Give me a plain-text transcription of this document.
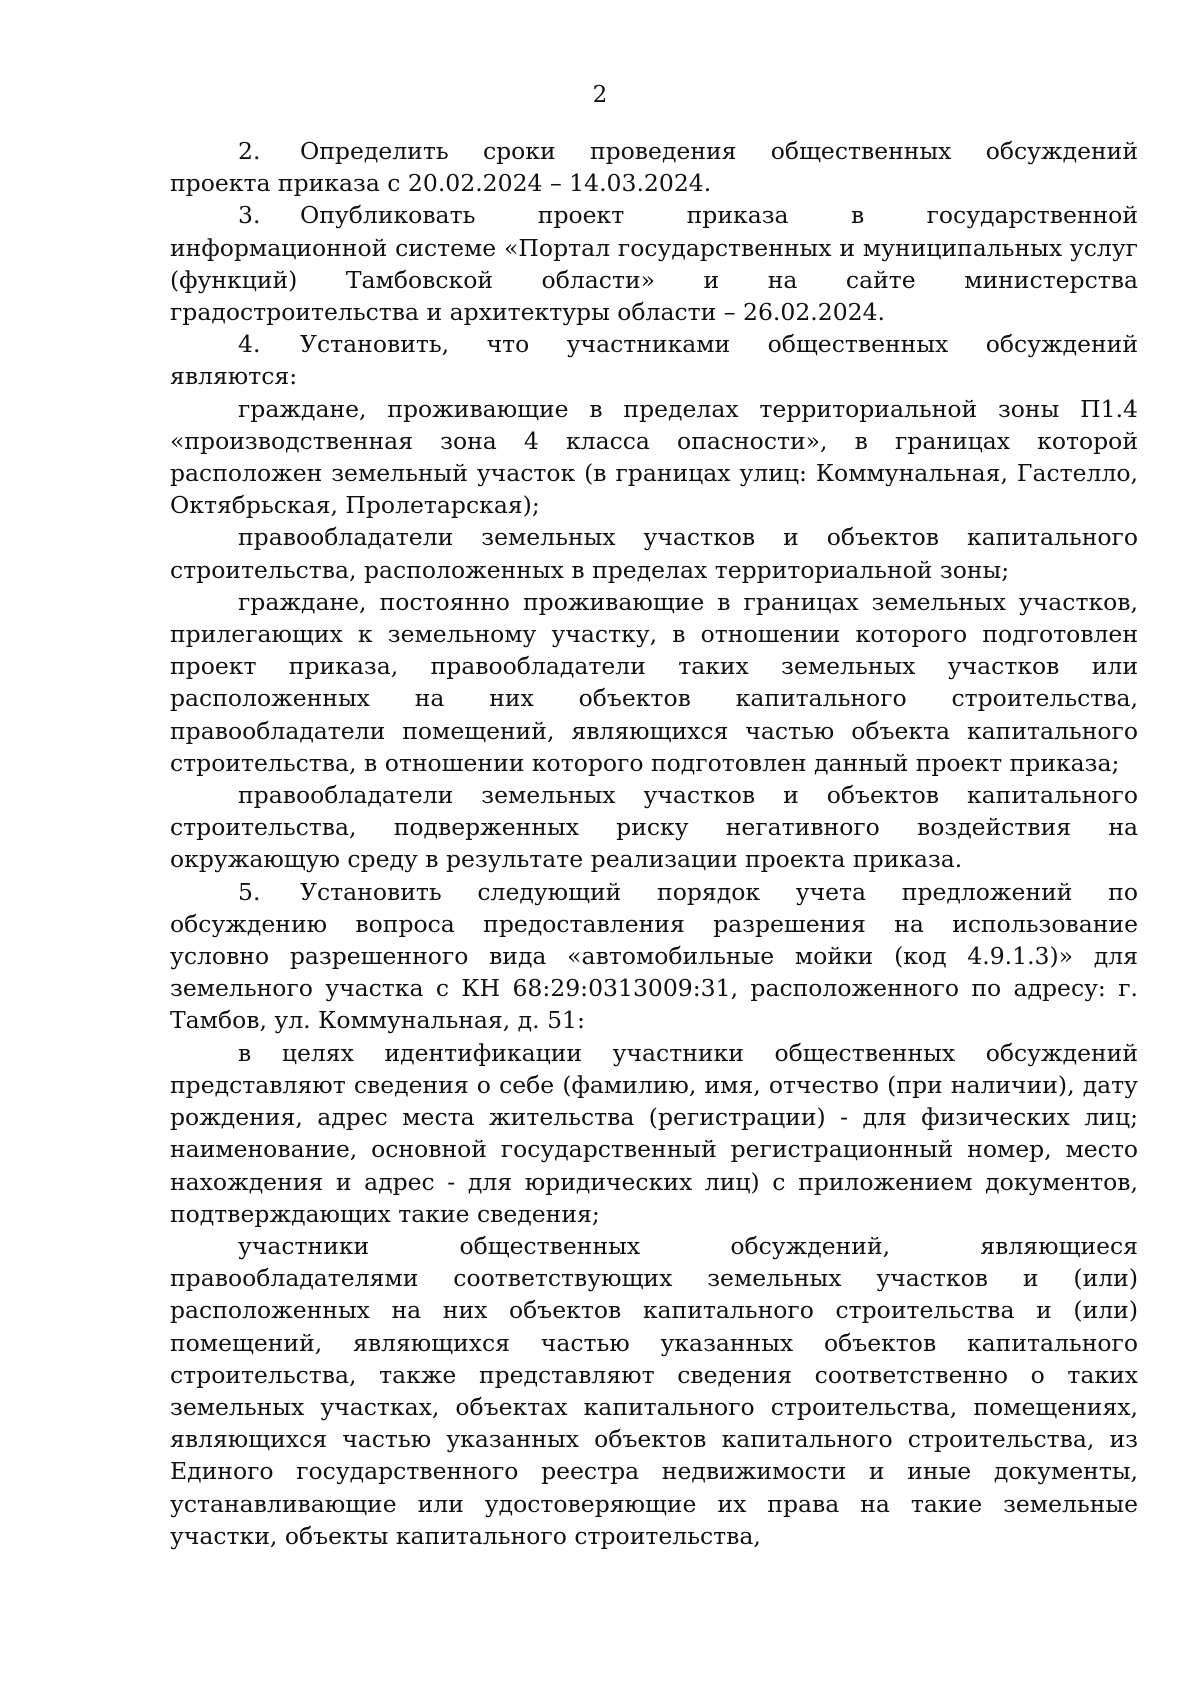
2

2. Определить сроки проведения общественных обсуждений проекта приказа с 20.02.2024 – 14.03.2024.

3. Опубликовать проект приказа в государственной информационной системе «Портал государственных и муниципальных услуг (функций) Тамбовской области» и на сайте министерства градостроительства и архитектуры области – 26.02.2024.

4. Установить, что участниками общественных обсуждений являются:

граждане, проживающие в пределах территориальной зоны П1.4 «производственная зона 4 класса опасности», в границах которой расположен земельный участок (в границах улиц: Коммунальная, Гастелло, Октябрьская, Пролетарская);

правообладатели земельных участков и объектов капитального строительства, расположенных в пределах территориальной зоны;

граждане, постоянно проживающие в границах земельных участков, прилегающих к земельному участку, в отношении которого подготовлен проект приказа, правообладатели таких земельных участков или расположенных на них объектов капитального строительства, правообладатели помещений, являющихся частью объекта капитального строительства, в отношении которого подготовлен данный проект приказа;

правообладатели земельных участков и объектов капитального строительства, подверженных риску негативного воздействия на окружающую среду в результате реализации проекта приказа.

5. Установить следующий порядок учета предложений по обсуждению вопроса предоставления разрешения на использование условно разрешенного вида «автомобильные мойки (код 4.9.1.3)» для земельного участка с КН 68:29:0313009:31, расположенного по адресу: г. Тамбов, ул. Коммунальная, д. 51:

в целях идентификации участники общественных обсуждений представляют сведения о себе (фамилию, имя, отчество (при наличии), дату рождения, адрес места жительства (регистрации) - для физических лиц; наименование, основной государственный регистрационный номер, место нахождения и адрес - для юридических лиц) с приложением документов, подтверждающих такие сведения;

участники общественных обсуждений, являющиеся правообладателями соответствующих земельных участков и (или) расположенных на них объектов капитального строительства и (или) помещений, являющихся частью указанных объектов капитального строительства, также представляют сведения соответственно о таких земельных участках, объектах капитального строительства, помещениях, являющихся частью указанных объектов капитального строительства, из Единого государственного реестра недвижимости и иные документы, устанавливающие или удостоверяющие их права на такие земельные участки, объекты капитального строительства,
